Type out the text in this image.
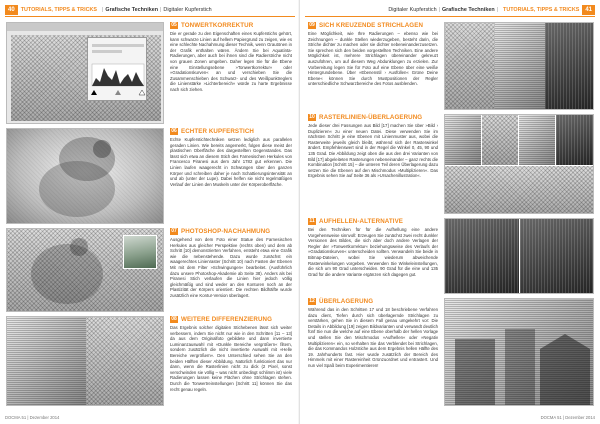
40	TUTORIALS, TIPPS & TRICKS | Grafische Techniken | Digitaler Kupferstich
05 TONWERTKORREKTUR

Die er gerade zu den Eigenschaften eines Kupferstichs gehört, kann schwarze Linien auf hellem Papiergrund zu zeigen, wie es eine schlechte Nachahmung dieser Technik, wenn Grautönen in der Grafik enthalten wären. Ändern Sie bei Aquatinta-Radierungen, aber auch bei ihnen sind die Radierstriche nicht von grauen Zonen umgeben. Daher legen Sie für die Ebene eine Einstellungsebene »Tonwertkorrektur« oder »Gradationskurven« an und verschieben Sie die Zusammenschieben des Schwarz- und des Weißpunktreglers die Linienstärke »Lichterbereich« würde zu harte Ergebnisse nach sich ziehen.

06 ECHTER KUPFERSTICH

Echte Kupferstichtechniken setzen lediglich aus parallelen geraden Linien. Wie bereits angemerkt, folgen diese meist der plastischen Oberfläche des dargestellten Gegenstandes. Das lässt sich etwa an diesem Stich des Farnesischen Herkules von Francesco Piranesi aus dem Jahr 1782 gut erkennen. Die Linien laufen waagerecht in Schwüngen über den ganzen Körper und schreiben daher je nach Schattierungsintensität an und ab (unter der Lupe). Dabei helfen sie nicht regelmäßigen Verlauf der Linien den Muskeln unter der Körperoberfläche.

07 PHOTOSHOP-NACHAHMUNG

Ausgehend von dem Foto einer Statue des Farnesischen Herkules aus gleicher Perspektive (rechts oben) und dem ab Schritt [10] demonstrierten Verfahren, entsteht etwa eine Grafik wie die nebenstehende. Dazu wurde zunächst ein waagerechtes Linienraster (Schritt 10) nach Fasten der Ebenen Mit mit dem Filter »Schwingungen« bearbeitet. (Ausführlich dazu unsere Photoshop-Akademie ab Seite 38). Anders als bei Piranesi Stich verlaufen die Linien hier jedoch völlig gleichmäßig und sind weder an den Konturen noch an der Plastizität der Körpers orientiert. Die rechten Bildhälfte wurde zusätzlich eine Kontur-Version überlagert.

08 WEITERE DIFFERENZIERUNG

Das Ergebnis solcher digitalen Stichebenen lässt sich weiter verbessern, indem Sie nicht nur wie in den Schritten [11 – 13] da aus dem Originalfoto gebildete und dann invertierte Luminanzauswahl mit »Dunkle Bereiche vergrößern« filtern, sondern zusätzlich die nicht invertierte Auswahl mit »Helle Bereiche vergrößern«. Den Unterschied sehen Sie an den beiden Hälften dieser Abbildung. Natürlich funktioniert das nur dann, wenn die Rasterlinien nicht zu dick (2 Pixel, sonst verschwinden sie völlig – was nicht unbedingt schlimm ist) viele Radierungen lassen keine Flächen ohne Strichlagen stehen. Durch die Tonwertreinstellungen [Schritt 11] können Sie das recht genau regeln.

DOCMA 51 | Dezember 2014
Digitaler Kupferstich | Grafische Techniken | TUTORIALS, TIPPS & TRICKS	41
09 SICH KREUZENDE STRICHLAGEN

Eine Möglichkeit, wie Ihre Radierungen – ebenso wie bei Zeichnungen – dunkle Stellen wiederzugeben, besteht darin, die Striche dichter zu machen oder sie dichter nebeneinanderzusetzen. Sie sprechen sich den beiden vorgestellten Techniken. Eine andere Möglichkeit ist, mehrere Strichlagen übereinander gekreuzt auszuführen, um auf diesem Weg Abdunklungen zu erzielen. Zur Vorbereitung legen Sie für Foto auf eine Ebene über eine weiße Hintergrundebene. Über »Ebenenstil › Ausfüllen« Grüne Deine Ebene« können Sie durch Mustpositionen der Regler unterschiedliche Schwarzbereiche des Fotos ausblenden.

10 RASTERLINIEN-ÜBERLAGERUNG

Jede dieser drei Fassungen aus Bild [17] machen Sie über »Bild › Duplizieren« zu einer neuen Datei. Diese verwenden Sie im nächsten Schritt je eine Ebenen mit Linienmuster aus, wobei die Rasterweite jeweils gleich bleibt, während sich der Rasterwinkel ändert. Empfehlenswert sind in der Regel die Winkel 0, 45, 90 und 135 Grad. Die Abbildung zeigt oben die aus den drei Varianten von Bild [17] abgeleiteten Rasterungen nebeneinander – ganz rechts die Kombination [Schritt 15] – die unteren Teil deren Überlagerung dazu setzen Sie die Ebenen auf den Mischmodus »Multiplizieren«. Das Ergebnis sehen Sie auf Seite 36 als »Ursachenillustration«.

11 AUFHELLEN-ALTERNATIVE

Bei den Techniken für für die Aufhellung eine andere Vorgehensweise sinnvoll: Erzeugen Sie zunächst zwei recht dunkler Versionen des Bildes, die sich aber doch andere Verlagen der Regler der »Tonwertkorrektur« beziehungsweise des Verlaufs der »Gradationskurven« unterscheiden sollten. Verwandeln Sie beide in Bitmap-Dateien, wobei Sie wiederum abweichende Rasterwinkelungen vorgeben. Verwenden Sie Winkeleinstellungen, die sich um 90 Grad unterscheiden. 90 Grad für die eine und 135 Grad für die andere Variante ergänzen sich dagegen gut.

12 ÜBERLAGERUNG

Während das in den Schritten 17 und 18 beschriebene Verfahren dazu dient, Tiefen durch sich überlagernde Strichlagen zu verstärken, gehen Sie in diesem Fall genau umgekehrt vor: Die Details in Abbildung [19] zeigen Bildvarianten und verwandt deutlich fünf Sie nun die welche auf eine Ebene oberhalb der hellen Vorlage und stellen Sie den Mischmodus »Aufhellen« oder »Negativ Multiplizieren« ein, so verhalten Sie das Verblendet bei Strichlagen, die das Kommandos Holzstiche aus dem Ergebnis hellen Hälfte des 19. Jahrhunderts fast. Hier wurde zusätzlich der Bereich des Himmels mit einer Rastereinheit Grünzuordnet und entrastert. Und nun viel Spaß beim Experimentieren!

DOCMA 51 | Dezember 2014
